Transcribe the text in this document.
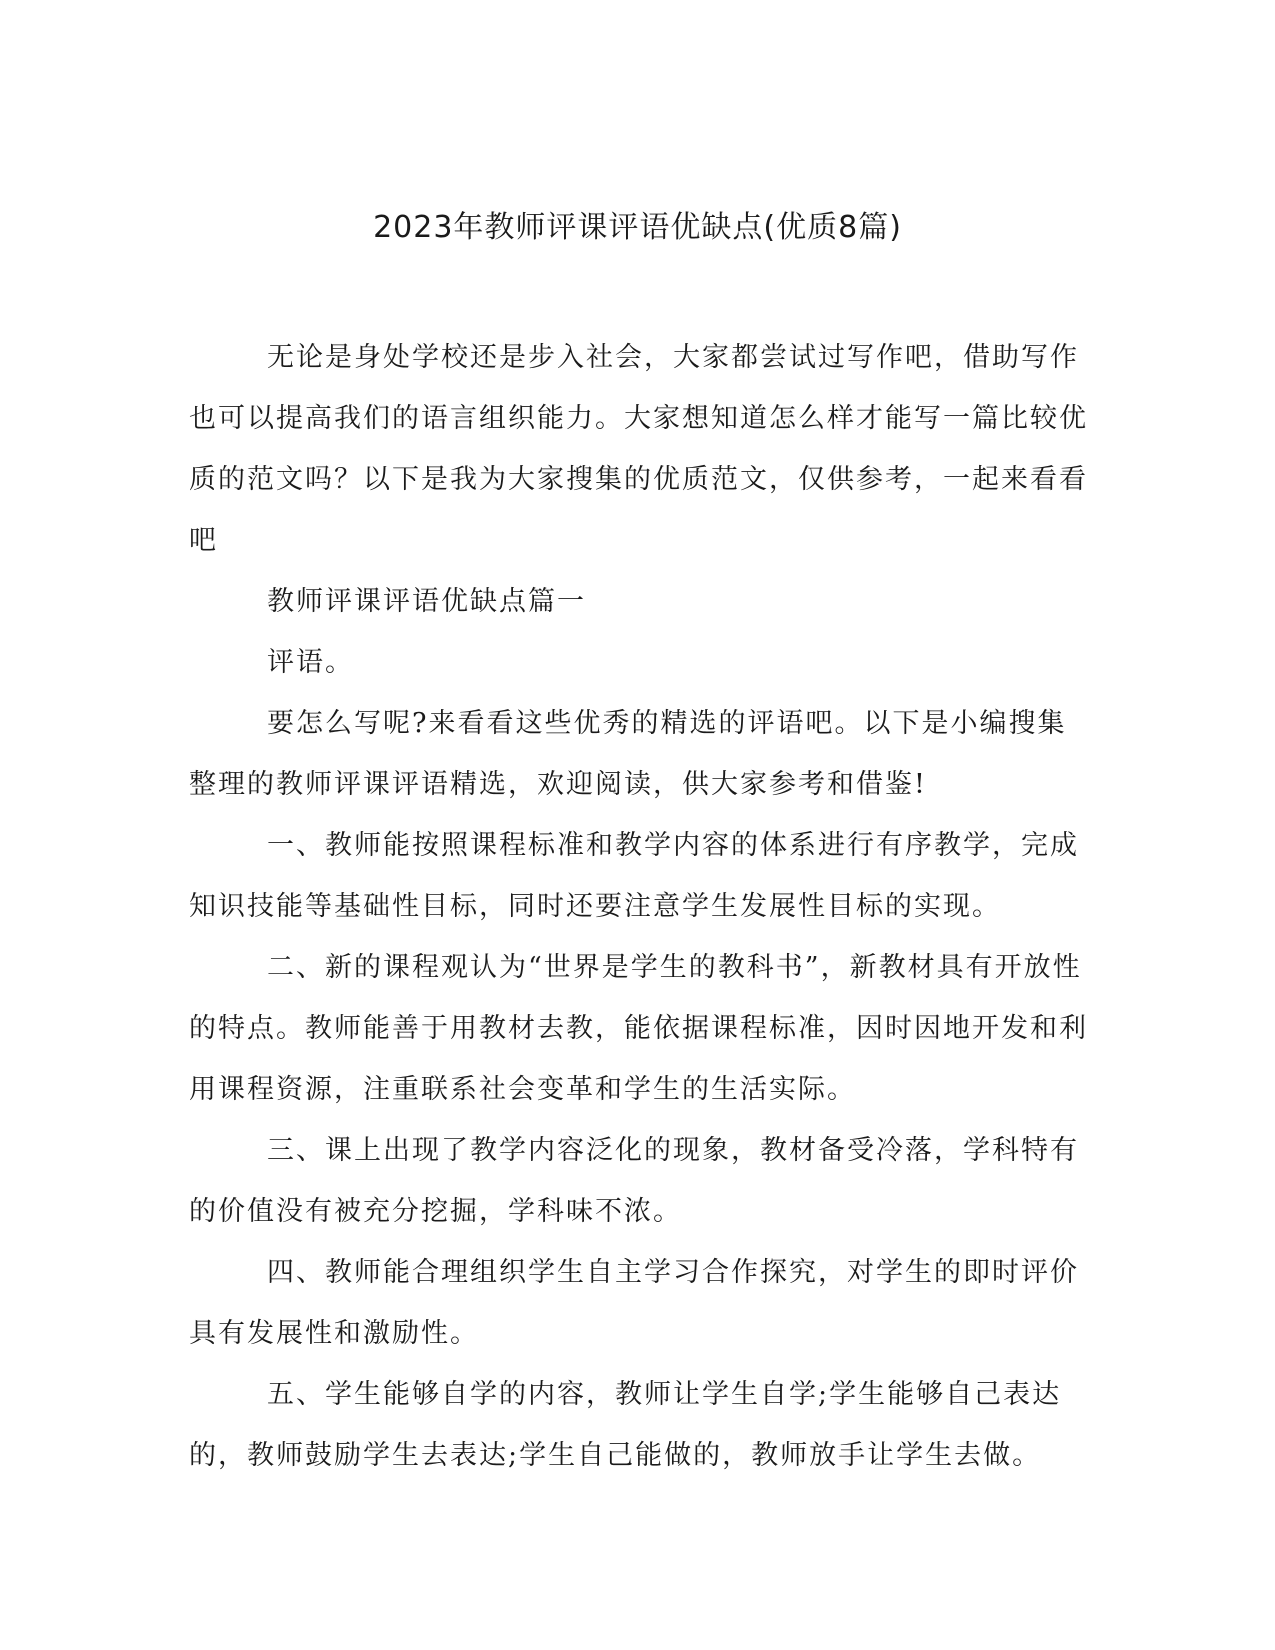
2023年教师评课评语优缺点(优质8篇)

无论是身处学校还是步入社会，大家都尝试过写作吧，借助写作也可以提高我们的语言组织能力。大家想知道怎么样才能写一篇比较优质的范文吗？以下是我为大家搜集的优质范文，仅供参考，一起来看看吧

教师评课评语优缺点篇一

评语。

要怎么写呢?来看看这些优秀的精选的评语吧。以下是小编搜集整理的教师评课评语精选，欢迎阅读，供大家参考和借鉴!

一、教师能按照课程标准和教学内容的体系进行有序教学，完成知识技能等基础性目标，同时还要注意学生发展性目标的实现。

二、新的课程观认为“世界是学生的教科书”，新教材具有开放性的特点。教师能善于用教材去教，能依据课程标准，因时因地开发和利用课程资源，注重联系社会变革和学生的生活实际。

三、课上出现了教学内容泛化的现象，教材备受冷落，学科特有的价值没有被充分挖掘，学科味不浓。

四、教师能合理组织学生自主学习合作探究，对学生的即时评价具有发展性和激励性。

五、学生能够自学的内容，教师让学生自学;学生能够自己表达的，教师鼓励学生去表达;学生自己能做的，教师放手让学生去做。
